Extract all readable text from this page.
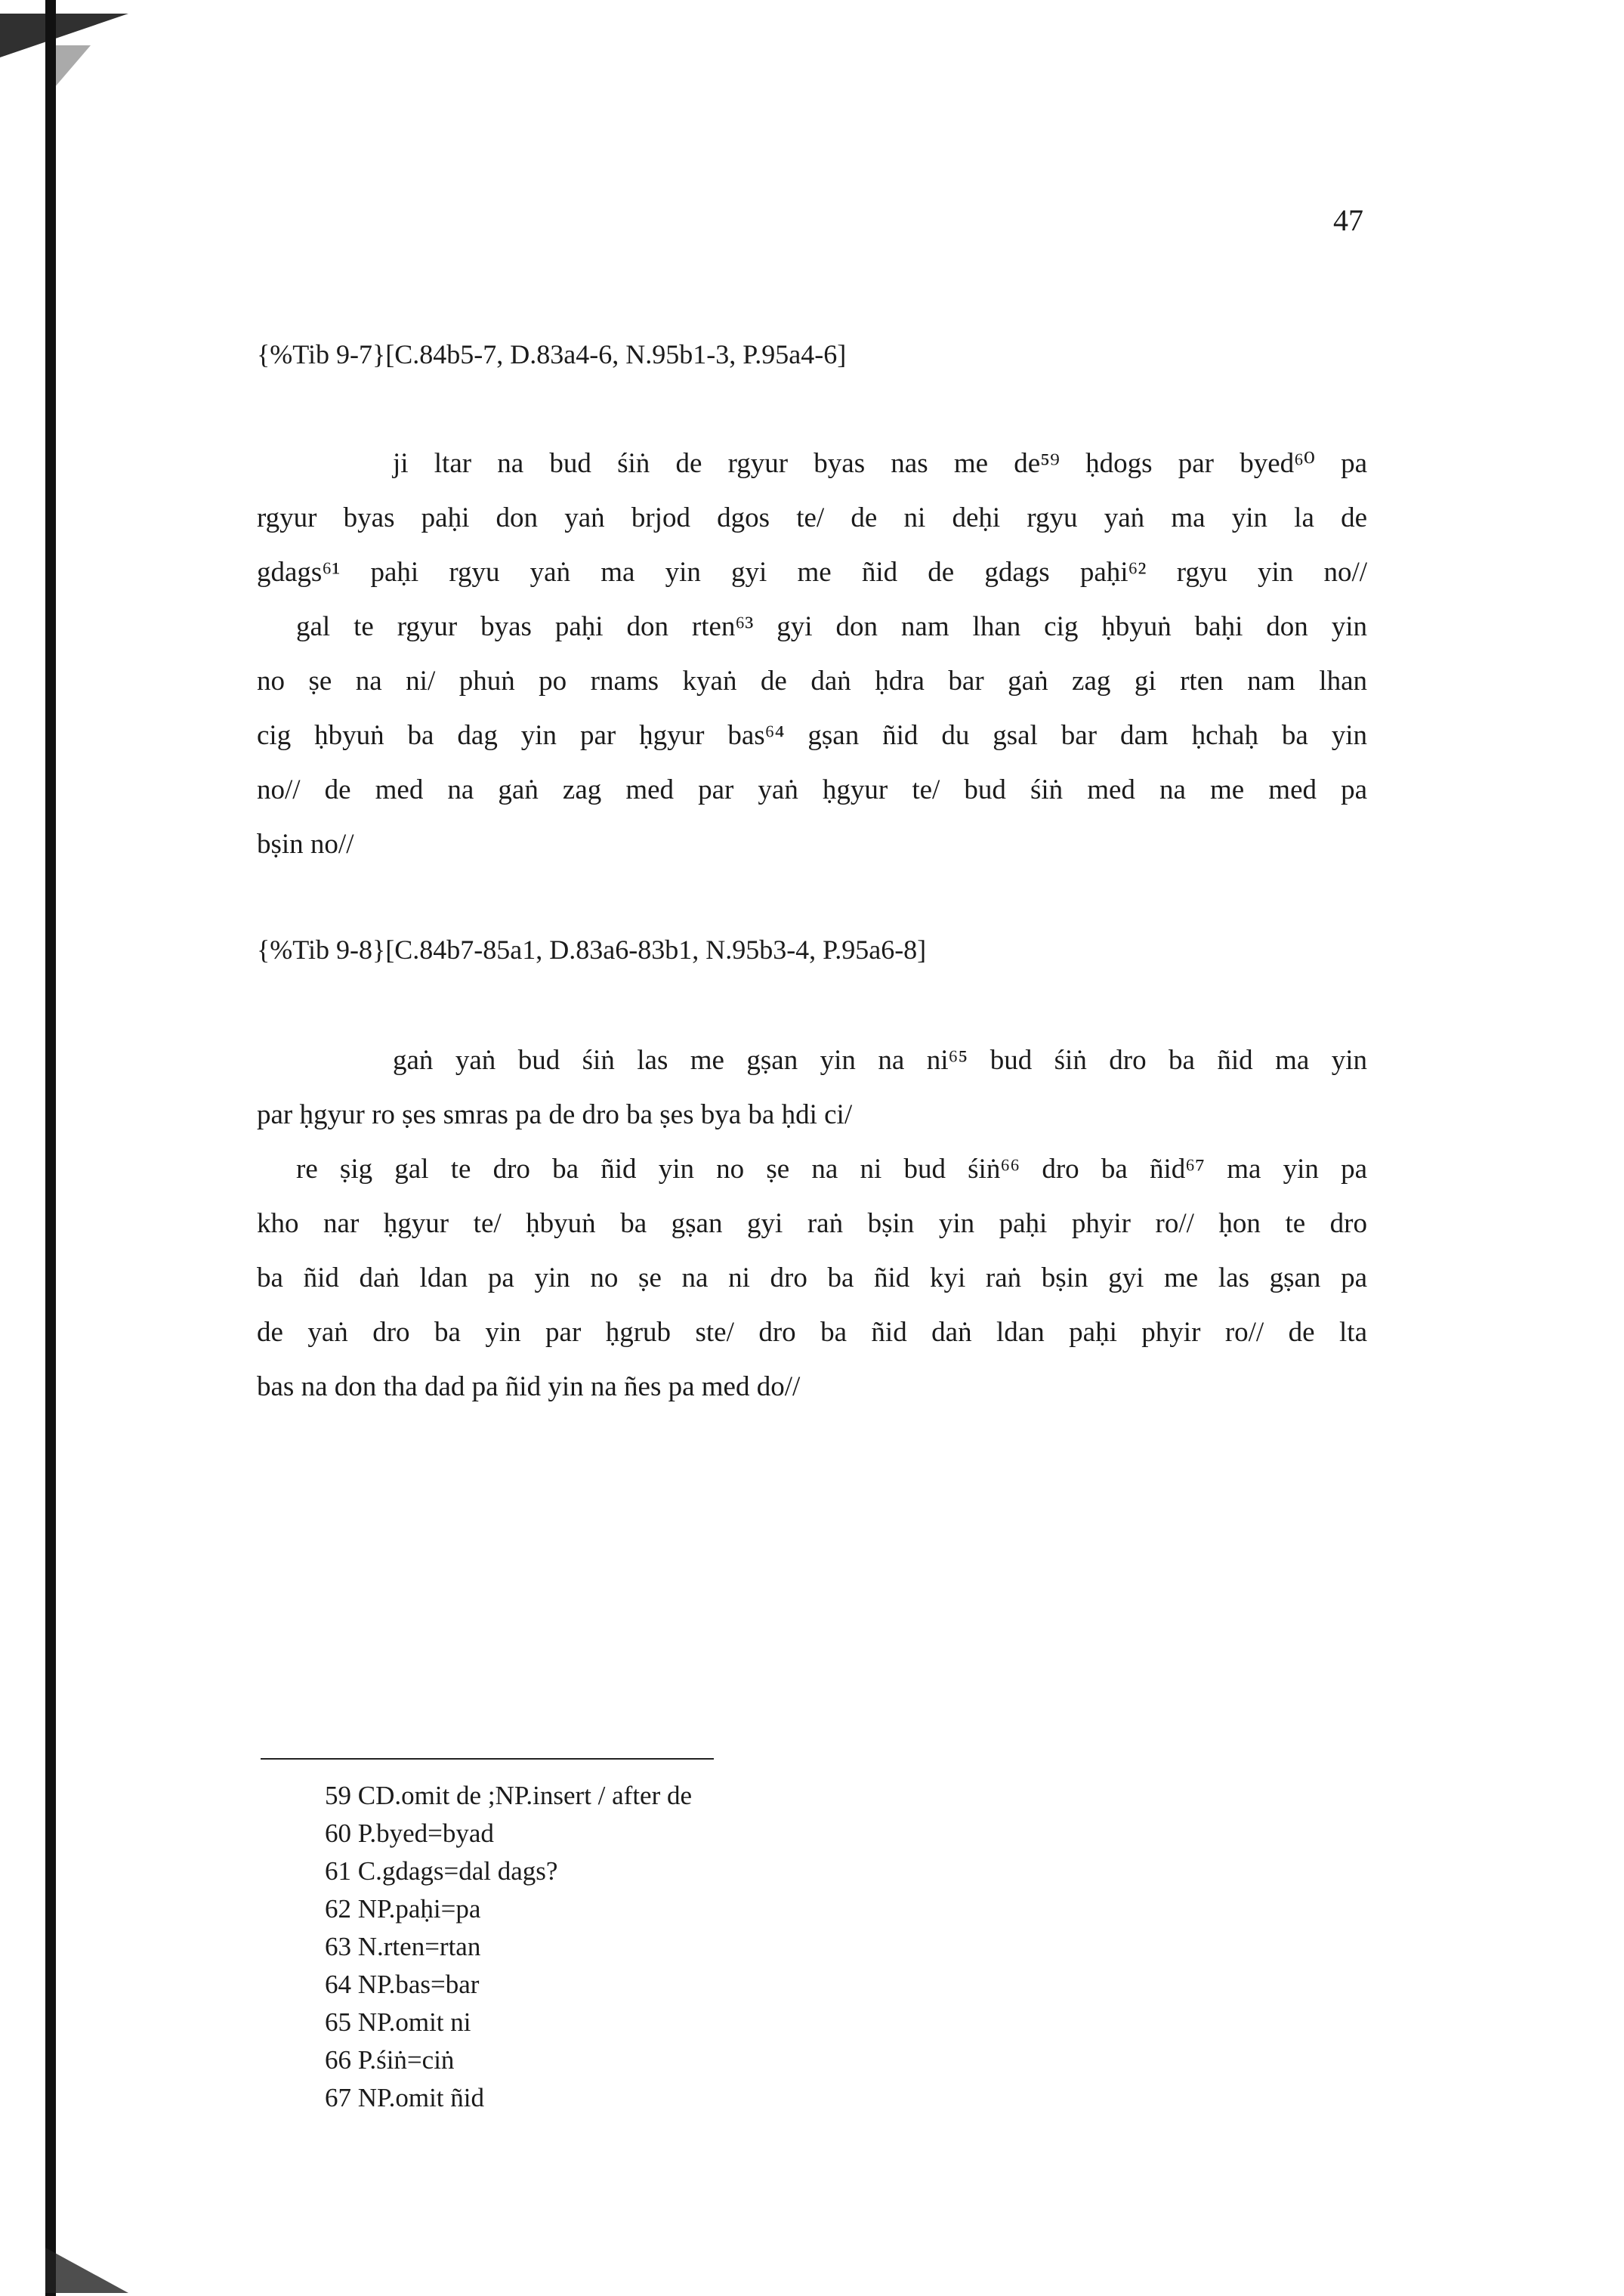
47
{%Tib 9-7}[C.84b5-7, D.83a4-6, N.95b1-3, P.95a4-6]
ji ltar na bud śiṅ de rgyur byas nas me de⁵⁹ ḥdogs par byed⁶⁰ pa
rgyur byas paḥi don yaṅ brjod dgos te/ de ni deḥi rgyu yaṅ ma yin la de
gdags⁶¹ paḥi rgyu yaṅ ma yin gyi me ñid de gdags paḥi⁶² rgyu yin no//
gal te rgyur byas paḥi don rten⁶³ gyi don nam lhan cig ḥbyuṅ baḥi don yin
no ṣe na ni/ phuṅ po rnams kyaṅ de daṅ ḥdra bar gaṅ zag gi rten nam lhan
cig ḥbyuṅ ba dag yin par ḥgyur bas⁶⁴ gṣan ñid du gsal bar dam ḥchaḥ ba yin
no// de med na gaṅ zag med par yaṅ ḥgyur te/ bud śiṅ med na me med pa
bṣin no//
{%Tib 9-8}[C.84b7-85a1, D.83a6-83b1, N.95b3-4, P.95a6-8]
gaṅ yaṅ bud śiṅ las me gṣan yin na ni⁶⁵ bud śiṅ dro ba ñid ma yin
par ḥgyur ro ṣes smras pa de dro ba ṣes bya ba ḥdi ci/
re ṣig gal te dro ba ñid yin no ṣe na ni bud śiṅ⁶⁶ dro ba ñid⁶⁷ ma yin pa
kho nar ḥgyur te/ ḥbyuṅ ba gṣan gyi raṅ bṣin yin paḥi phyir ro// ḥon te dro
ba ñid daṅ ldan pa yin no ṣe na ni dro ba ñid kyi raṅ bṣin gyi me las gṣan pa
de yaṅ dro ba yin par ḥgrub ste/ dro ba ñid daṅ ldan paḥi phyir ro// de lta
bas na don tha dad pa ñid yin na ñes pa med do//
59 CD.omit de ;NP.insert / after de
60 P.byed=byad
61 C.gdags=dal dags?
62 NP.paḥi=pa
63 N.rten=rtan
64 NP.bas=bar
65 NP.omit ni
66 P.śiṅ=ciṅ
67 NP.omit ñid
